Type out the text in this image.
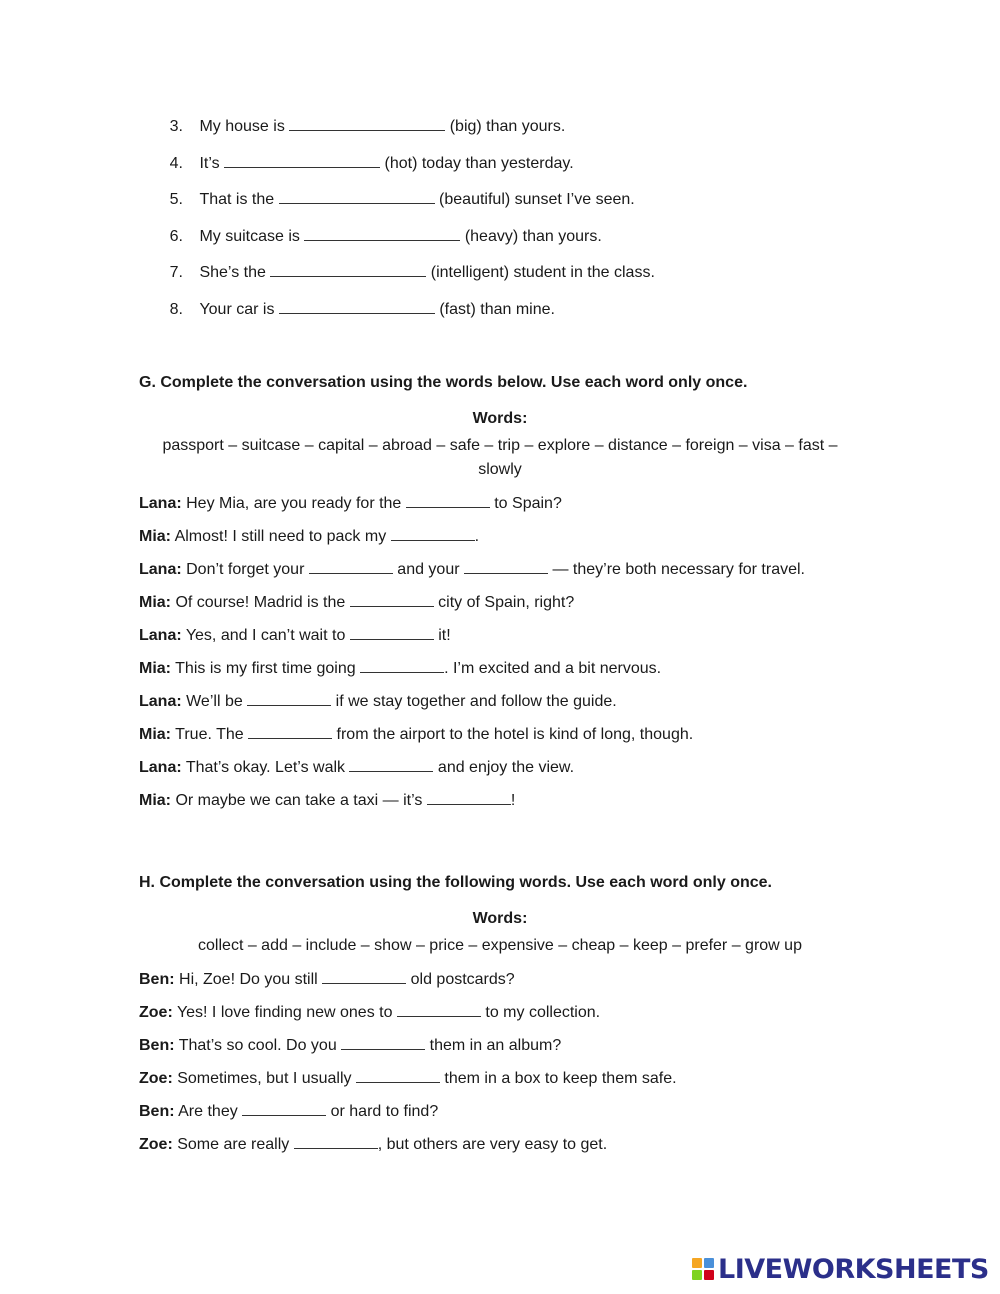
3. My house is	(big) than yours.
4. It’s	(hot) today than yesterday.
5. That is the	(beautiful) sunset I’ve seen.
6. My suitcase is	(heavy) than yours.
7. She’s the	(intelligent) student in the class.
8. Your car is	(fast) than mine.
G. Complete the conversation using the words below. Use each word only once.
Words:
passport – suitcase – capital – abroad – safe – trip – explore – distance – foreign – visa – fast – slowly
Lana: Hey Mia, are you ready for the	to Spain?
Mia: Almost! I still need to pack my	.
Lana: Don’t forget your	and your	— they’re both necessary for travel.
Mia: Of course! Madrid is the	city of Spain, right?
Lana: Yes, and I can’t wait to	it!
Mia: This is my first time going	. I’m excited and a bit nervous.
Lana: We’ll be	if we stay together and follow the guide.
Mia: True. The	from the airport to the hotel is kind of long, though.
Lana: That’s okay. Let’s walk	and enjoy the view.
Mia: Or maybe we can take a taxi — it’s	!
H. Complete the conversation using the following words. Use each word only once.
Words:
collect – add – include – show – price – expensive – cheap – keep – prefer – grow up
Ben: Hi, Zoe! Do you still	old postcards?
Zoe: Yes! I love finding new ones to	to my collection.
Ben: That’s so cool. Do you	them in an album?
Zoe: Sometimes, but I usually	them in a box to keep them safe.
Ben: Are they	or hard to find?
Zoe: Some are really	, but others are very easy to get.
LIVEWORKSHEETS
